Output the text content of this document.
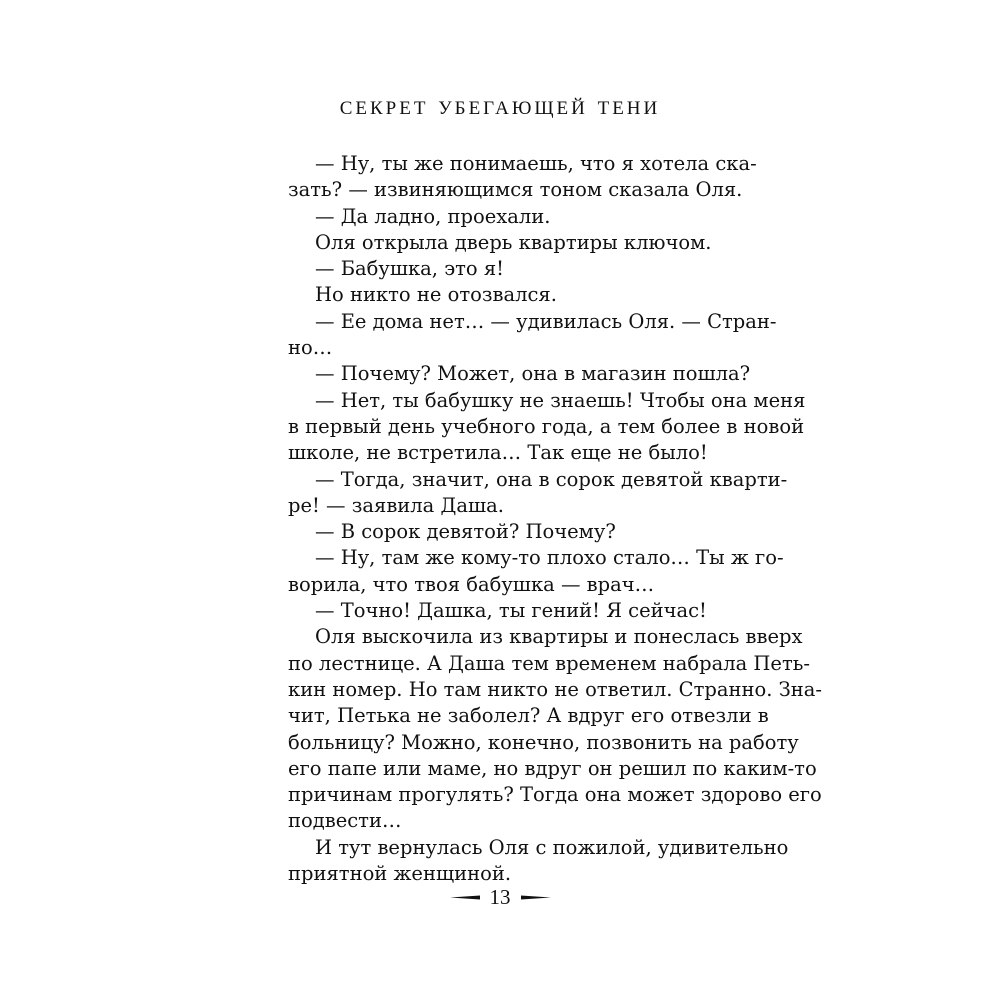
секрет убегающей тени
— Ну, ты же понимаешь, что я хотела ска-
зать? — извиняющимся тоном сказала Оля.
— Да ладно, проехали.
Оля открыла дверь квартиры ключом.
— Бабушка, это я!
Но никто не отозвался.
— Ее дома нет… — удивилась Оля. — Стран-
но…
— Почему? Может, она в магазин пошла?
— Нет, ты бабушку не знаешь! Чтобы она меня
в первый день учебного года, а тем более в новой
школе, не встретила… Так еще не было!
— Тогда, значит, она в сорок девятой кварти-
ре! — заявила Даша.
— В сорок девятой? Почему?
— Ну, там же кому-то плохо стало… Ты ж го-
ворила, что твоя бабушка — врач…
— Точно! Дашка, ты гений! Я сейчас!
Оля выскочила из квартиры и понеслась вверх
по лестнице. А Даша тем временем набрала Петь-
кин номер. Но там никто не ответил. Странно. Зна-
чит, Петька не заболел? А вдруг его отвезли в
больницу? Можно, конечно, позвонить на работу
его папе или маме, но вдруг он решил по каким-то
причинам прогулять? Тогда она может здорово его
подвести…
И тут вернулась Оля с пожилой, удивительно
приятной женщиной.
13
